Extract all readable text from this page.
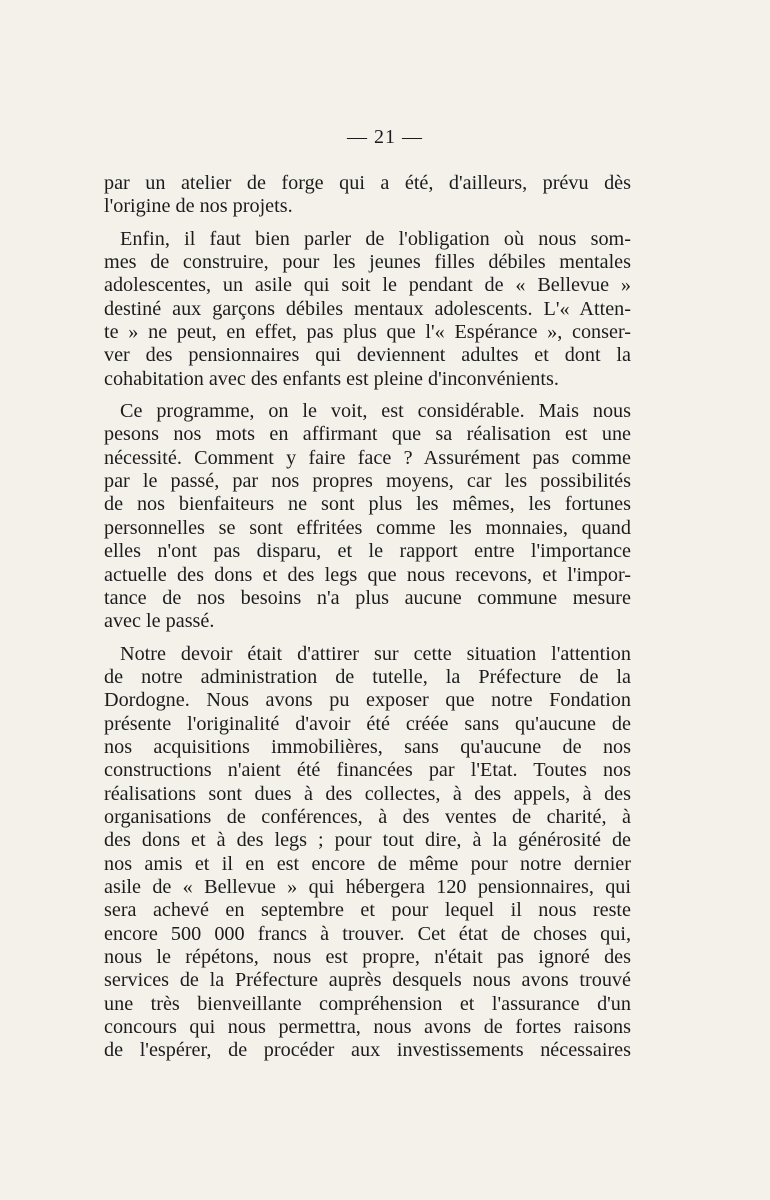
— 21 —

par un atelier de forge qui a été, d'ailleurs, prévu dès
l'origine de nos projets.

Enfin, il faut bien parler de l'obligation où nous som-
mes de construire, pour les jeunes filles débiles mentales
adolescentes, un asile qui soit le pendant de « Bellevue »
destiné aux garçons débiles mentaux adolescents. L'« Atten-
te » ne peut, en effet, pas plus que l'« Espérance », conser-
ver des pensionnaires qui deviennent adultes et dont la
cohabitation avec des enfants est pleine d'inconvénients.

Ce programme, on le voit, est considérable. Mais nous
pesons nos mots en affirmant que sa réalisation est une
nécessité. Comment y faire face ? Assurément pas comme
par le passé, par nos propres moyens, car les possibilités
de nos bienfaiteurs ne sont plus les mêmes, les fortunes
personnelles se sont effritées comme les monnaies, quand
elles n'ont pas disparu, et le rapport entre l'importance
actuelle des dons et des legs que nous recevons, et l'impor-
tance de nos besoins n'a plus aucune commune mesure
avec le passé.

Notre devoir était d'attirer sur cette situation l'attention
de notre administration de tutelle, la Préfecture de la
Dordogne. Nous avons pu exposer que notre Fondation
présente l'originalité d'avoir été créée sans qu'aucune de
nos acquisitions immobilières, sans qu'aucune de nos
constructions n'aient été financées par l'Etat. Toutes nos
réalisations sont dues à des collectes, à des appels, à des
organisations de conférences, à des ventes de charité, à
des dons et à des legs ; pour tout dire, à la générosité de
nos amis et il en est encore de même pour notre dernier
asile de « Bellevue » qui hébergera 120 pensionnaires, qui
sera achevé en septembre et pour lequel il nous reste
encore 500 000 francs à trouver. Cet état de choses qui,
nous le répétons, nous est propre, n'était pas ignoré des
services de la Préfecture auprès desquels nous avons trouvé
une très bienveillante compréhension et l'assurance d'un
concours qui nous permettra, nous avons de fortes raisons
de l'espérer, de procéder aux investissements nécessaires
